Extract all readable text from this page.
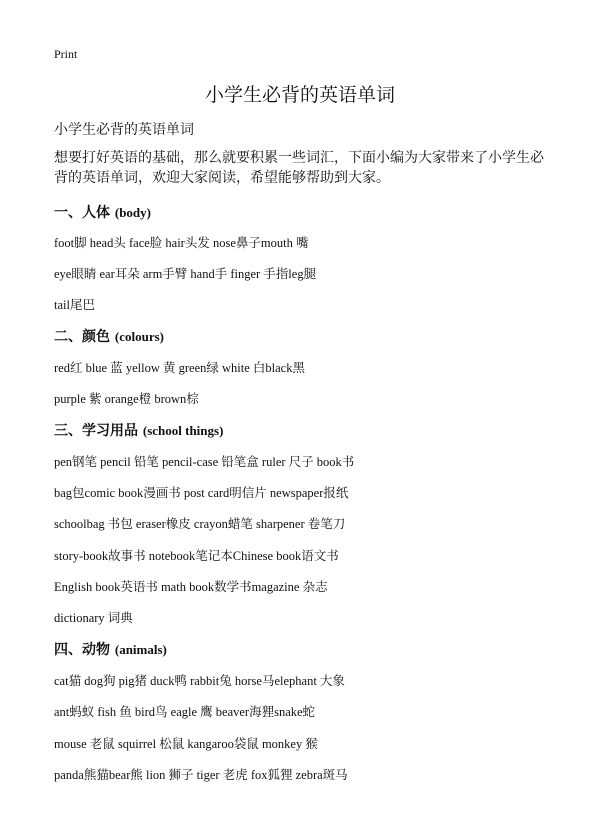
Print
小学生必背的英语单词
小学生必背的英语单词
想要打好英语的基础，那么就要积累一些词汇，下面小编为大家带来了小学生必背的英语单词，欢迎大家阅读，希望能够帮助到大家。
一、人体 (body)
foot脚 head头 face脸 hair头发 nose鼻子mouth 嘴
eye眼睛 ear耳朵 arm手臂 hand手 finger 手指leg腿
tail尾巴
二、颜色 (colours)
red红 blue 蓝 yellow 黄 green绿 white 白black黑
purple 紫 orange橙 brown棕
三、学习用品 (school things)
pen钢笔 pencil 铅笔 pencil-case 铅笔盒 ruler 尺子 book书
bag包comic book漫画书 post card明信片 newspaper报纸
schoolbag 书包 eraser橡皮 crayon蜡笔 sharpener 卷笔刀
story-book故事书 notebook笔记本Chinese book语文书
English book英语书 math book数学书magazine 杂志
dictionary 词典
四、动物 (animals)
cat猫 dog狗 pig猪 duck鸭 rabbit兔 horse马elephant 大象
ant蚂蚁 fish 鱼 bird鸟 eagle 鹰 beaver海狸snake蛇
mouse 老鼠 squirrel 松鼠 kangaroo袋鼠 monkey 猴
panda熊猫bear熊 lion 狮子 tiger 老虎 fox狐狸 zebra斑马
